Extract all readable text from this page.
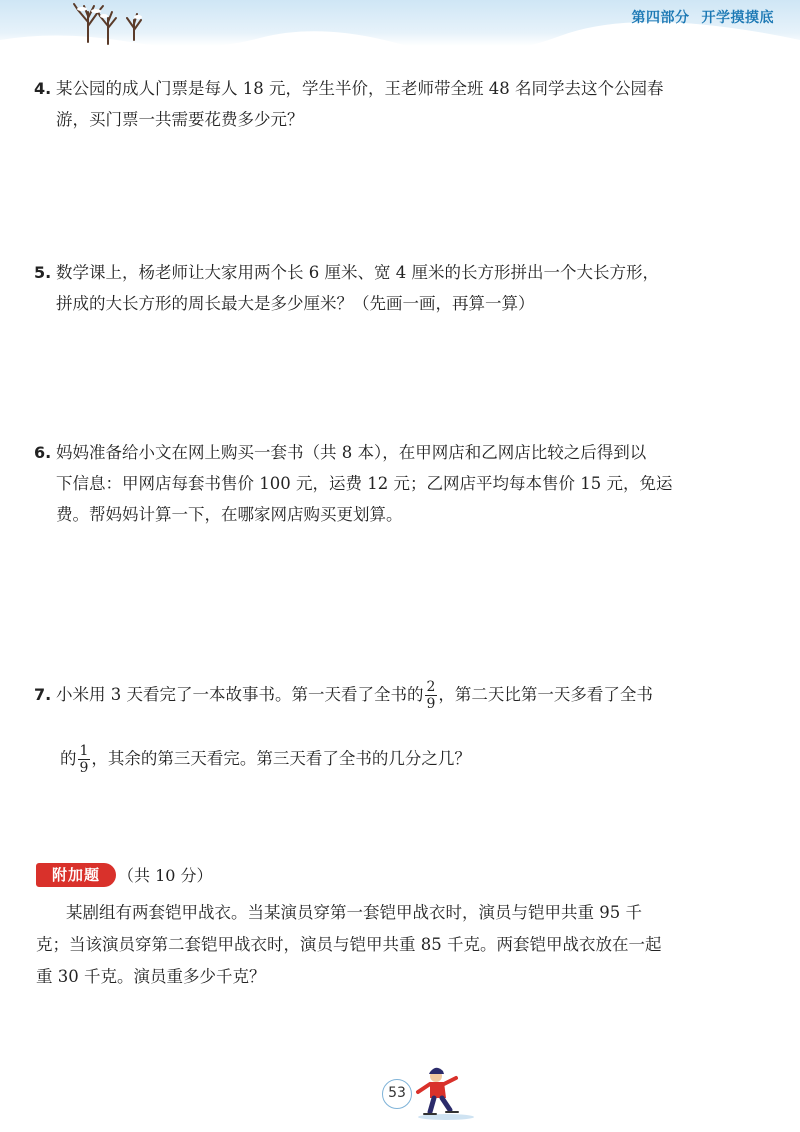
第四部分 开学摸摸底
4. 某公园的成人门票是每人 18 元，学生半价，王老师带全班 48 名同学去这个公园春
游，买门票一共需要花费多少元？
5. 数学课上，杨老师让大家用两个长 6 厘米、宽 4 厘米的长方形拼出一个大长方形，
拼成的大长方形的周长最大是多少厘米？（先画一画，再算一算）
6. 妈妈准备给小文在网上购买一套书（共 8 本），在甲网店和乙网店比较之后得到以
下信息：甲网店每套书售价 100 元，运费 12 元；乙网店平均每本售价 15 元，免运
费。帮妈妈计算一下，在哪家网店购买更划算。
7. 小米用 3 天看完了一本故事书。第一天看了全书的 $\frac{2}{9}$ ，第二天比第一天多看了全书
的 $\frac{1}{9}$ ，其余的第三天看完。第三天看了全书的几分之几？
附加题	（共 10 分）
某剧组有两套铠甲战衣。当某演员穿第一套铠甲战衣时，演员与铠甲共重 95 千
克；当该演员穿第二套铠甲战衣时，演员与铠甲共重 85 千克。两套铠甲战衣放在一起
重 30 千克。演员重多少千克？
53
